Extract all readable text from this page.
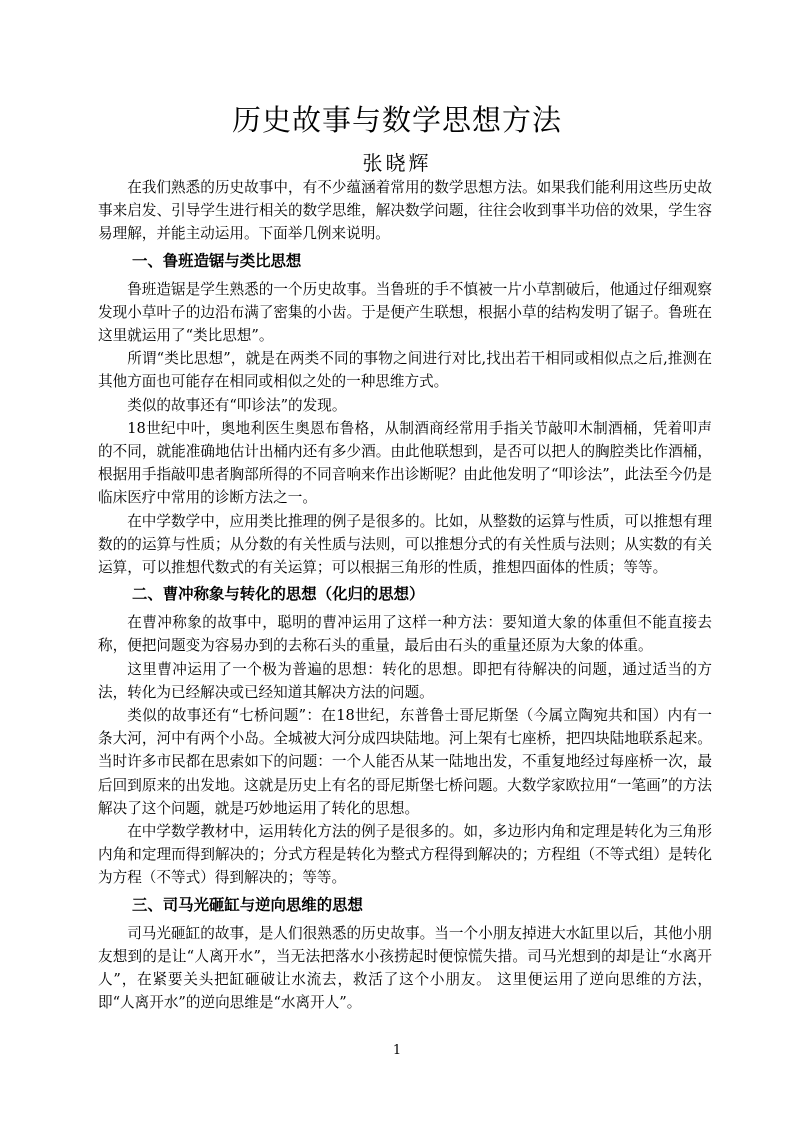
历史故事与数学思想方法
张晓辉

在我们熟悉的历史故事中，有不少蕴涵着常用的数学思想方法。如果我们能利用这些历史故事来启发、引导学生进行相关的数学思维，解决数学问题，往往会收到事半功倍的效果，学生容易理解，并能主动运用。下面举几例来说明。

一、鲁班造锯与类比思想

鲁班造锯是学生熟悉的一个历史故事。当鲁班的手不慎被一片小草割破后，他通过仔细观察发现小草叶子的边沿布满了密集的小齿。于是便产生联想，根据小草的结构发明了锯子。鲁班在这里就运用了“类比思想”。

所谓“类比思想”，就是在两类不同的事物之间进行对比,找出若干相同或相似点之后,推测在其他方面也可能存在相同或相似之处的一种思维方式。

类似的故事还有“叩诊法”的发现。

18世纪中叶，奥地利医生奥恩布鲁格，从制酒商经常用手指关节敲叩木制酒桶，凭着叩声的不同，就能准确地估计出桶内还有多少酒。由此他联想到，是否可以把人的胸腔类比作酒桶，根据用手指敲叩患者胸部所得的不同音响来作出诊断呢？由此他发明了“叩诊法”，此法至今仍是临床医疗中常用的诊断方法之一。

在中学数学中，应用类比推理的例子是很多的。比如，从整数的运算与性质，可以推想有理数的的运算与性质；从分数的有关性质与法则，可以推想分式的有关性质与法则；从实数的有关运算，可以推想代数式的有关运算；可以根据三角形的性质，推想四面体的性质；等等。

二、曹冲称象与转化的思想（化归的思想）

在曹冲称象的故事中，聪明的曹冲运用了这样一种方法：要知道大象的体重但不能直接去称，便把问题变为容易办到的去称石头的重量，最后由石头的重量还原为大象的体重。

这里曹冲运用了一个极为普遍的思想：转化的思想。即把有待解决的问题，通过适当的方法，转化为已经解决或已经知道其解决方法的问题。

类似的故事还有“七桥问题”：在18世纪，东普鲁士哥尼斯堡（今属立陶宛共和国）内有一条大河，河中有两个小岛。全城被大河分成四块陆地。河上架有七座桥，把四块陆地联系起来。当时许多市民都在思索如下的问题：一个人能否从某一陆地出发，不重复地经过每座桥一次，最后回到原来的出发地。这就是历史上有名的哥尼斯堡七桥问题。大数学家欧拉用“一笔画”的方法解决了这个问题，就是巧妙地运用了转化的思想。

在中学数学教材中，运用转化方法的例子是很多的。如，多边形内角和定理是转化为三角形内角和定理而得到解决的；分式方程是转化为整式方程得到解决的；方程组（不等式组）是转化为方程（不等式）得到解决的；等等。

三、司马光砸缸与逆向思维的思想

司马光砸缸的故事，是人们很熟悉的历史故事。当一个小朋友掉进大水缸里以后，其他小朋友想到的是让“人离开水”，当无法把落水小孩捞起时便惊慌失措。司马光想到的却是让“水离开人”，在紧要关头把缸砸破让水流去，救活了这个小朋友。 这里便运用了逆向思维的方法，即“人离开水”的逆向思维是“水离开人”。

1
